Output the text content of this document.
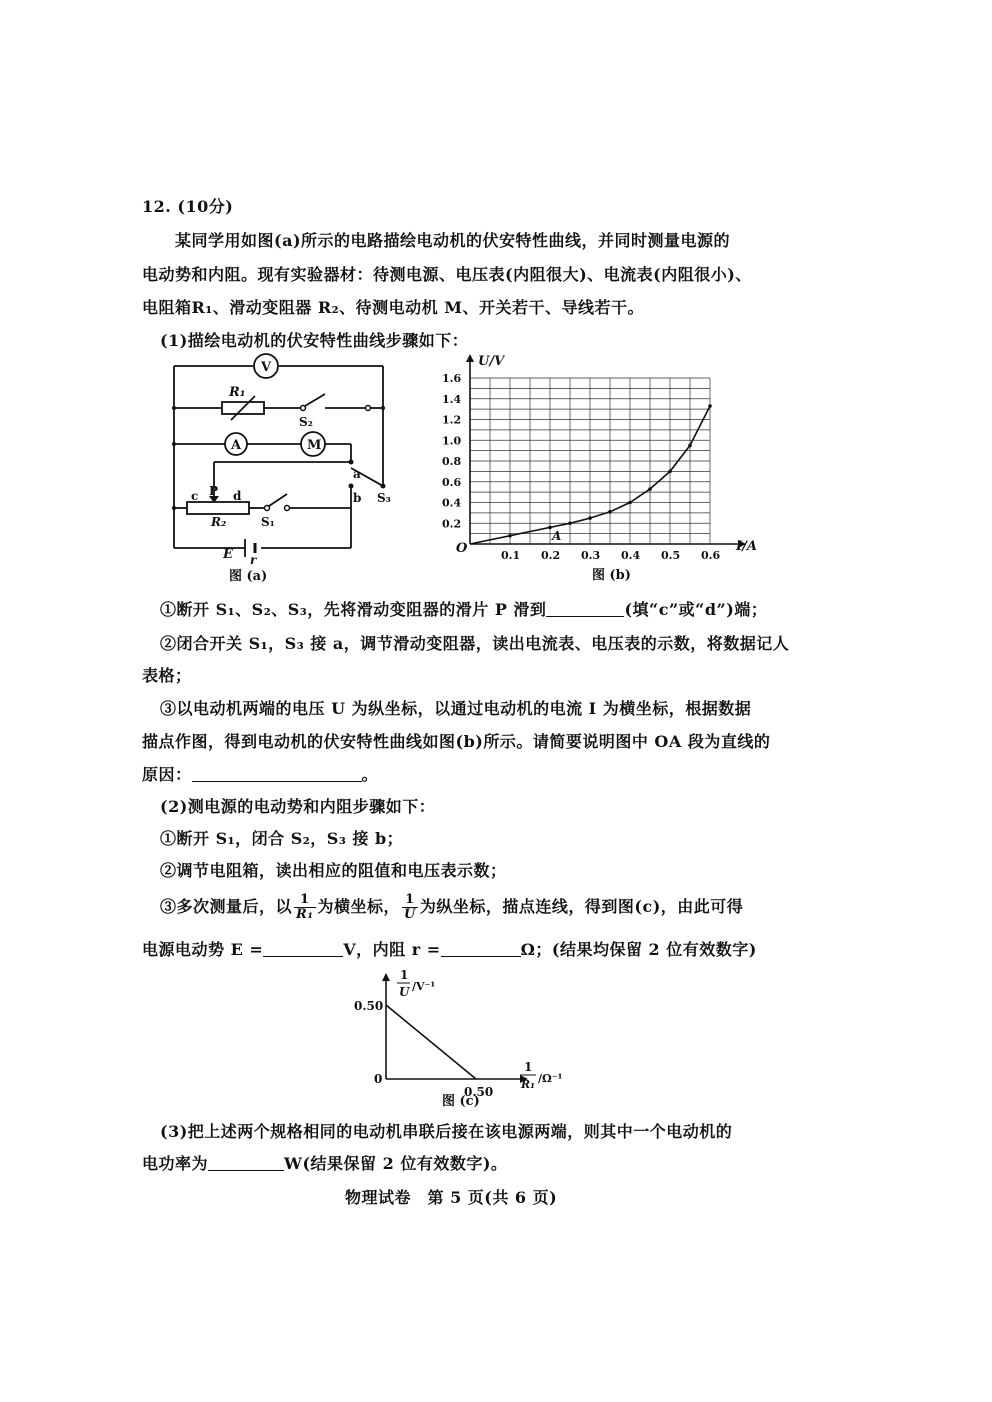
12. (10分)
某同学用如图(a)所示的电路描绘电动机的伏安特性曲线，并同时测量电源的
电动势和内阻。现有实验器材：待测电源、电压表(内阻很大)、电流表(内阻很小)、
电阻箱R₁、滑动变阻器 R₂、待测电动机 M、开关若干、导线若干。
(1)描绘电动机的伏安特性曲线步骤如下：
V
A	M
R₁
S₂
a
b S₃
c P d
R₂	S₁
E r
图 (a)
0.2
0.4
0.6
0.8
1.0
1.2
1.4
1.6
0.1 0.2 0.3 0.4 0.5 0.6
U/V
I/A
O
A
图 (b)
①断开 S₁、S₂、S₃，先将滑动变阻器的滑片 P 滑到	(填“c”或“d”)端；
②闭合开关 S₁，S₃ 接 a，调节滑动变阻器，读出电流表、电压表的示数，将数据记人
表格；
③以电动机两端的电压 U 为纵坐标，以通过电动机的电流 I 为横坐标，根据数据
描点作图，得到电动机的伏安特性曲线如图(b)所示。请简要说明图中 OA 段为直线的
原因：	。
(2)测电源的电动势和内阻步骤如下：
①断开 S₁，闭合 S₂，S₃ 接 b；
②调节电阻箱，读出相应的阻值和电压表示数；
③多次测量后，以 $\frac{1}{\text{R₁}}$ 为横坐标， $\frac{1}{U}$ 为纵坐标，描点连线，得到图(c)，由此可得
电源电动势 E =	V，内阻 r =	Ω；(结果均保留 2 位有效数字)
1
U /V⁻¹
0.50
0
0.50
1
R₁ /Ω⁻¹
图 (c)
(3)把上述两个规格相同的电动机串联后接在该电源两端，则其中一个电动机的
电功率为	W(结果保留 2 位有效数字)。
物理试卷　第 5 页(共 6 页)
